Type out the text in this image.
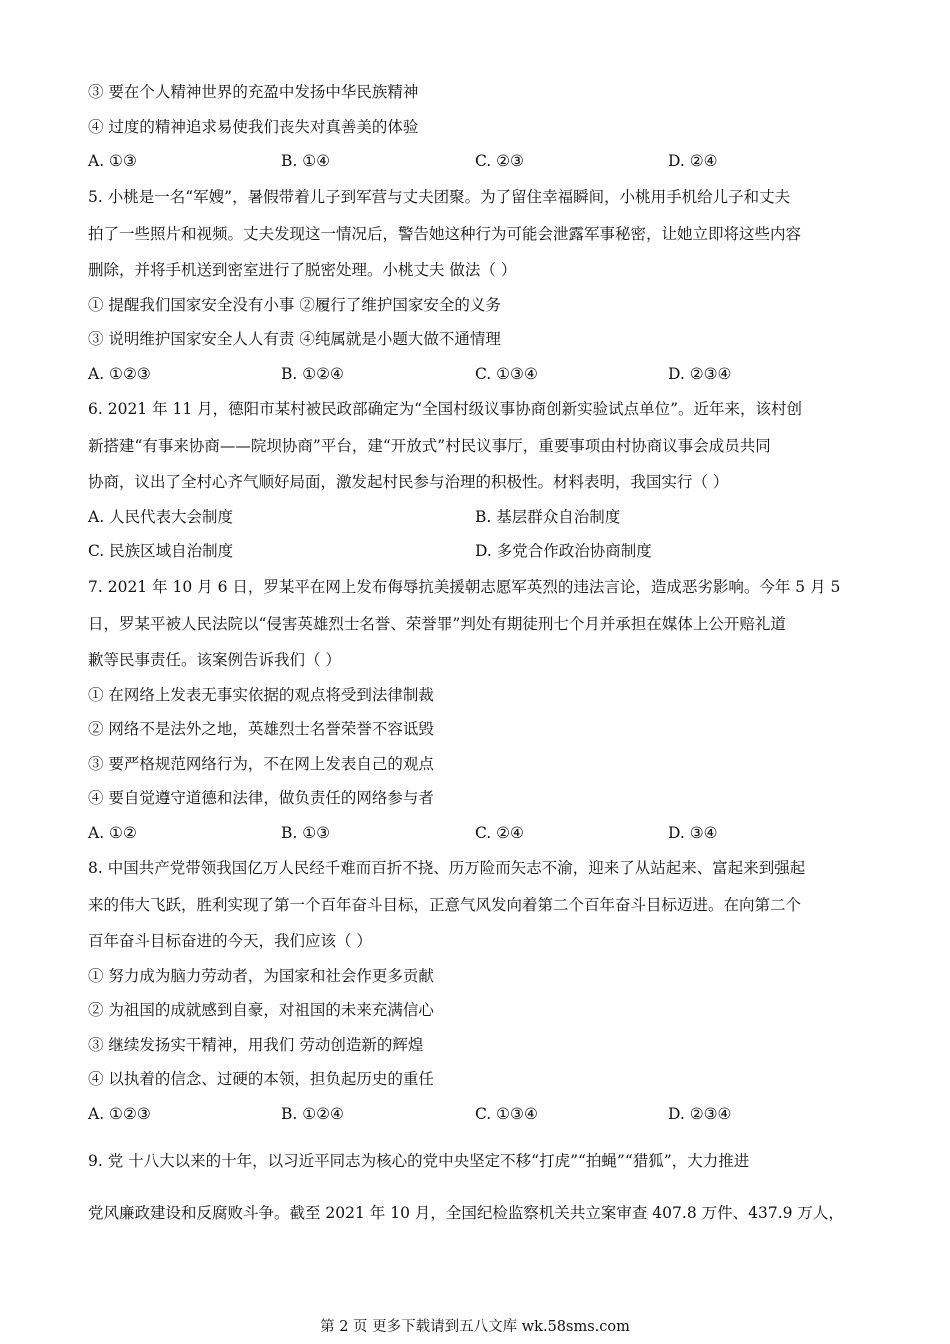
③ 要在个人精神世界的充盈中发扬中华民族精神
④ 过度的精神追求易使我们丧失对真善美的体验
A. ①③	B. ①④	C. ②③	D. ②④
5. 小桃是一名“军嫂”，暑假带着儿子到军营与丈夫团聚。为了留住幸福瞬间，小桃用手机给儿子和丈夫
拍了一些照片和视频。丈夫发现这一情况后，警告她这种行为可能会泄露军事秘密，让她立即将这些内容
删除，并将手机送到密室进行了脱密处理。小桃丈夫 做法（ ）
① 提醒我们国家安全没有小事 ②履行了维护国家安全的义务
③ 说明维护国家安全人人有责 ④纯属就是小题大做不通情理
A. ①②③	B. ①②④	C. ①③④	D. ②③④
6. 2021 年 11 月，德阳市某村被民政部确定为“全国村级议事协商创新实验试点单位”。近年来，该村创
新搭建“有事来协商——院坝协商”平台，建“开放式”村民议事厅，重要事项由村协商议事会成员共同
协商，议出了全村心齐气顺好局面，激发起村民参与治理的积极性。材料表明，我国实行（ ）
A. 人民代表大会制度	B. 基层群众自治制度
C. 民族区域自治制度	D. 多党合作政治协商制度
7. 2021 年 10 月 6 日，罗某平在网上发布侮辱抗美援朝志愿军英烈的违法言论，造成恶劣影响。今年 5 月 5
日，罗某平被人民法院以“侵害英雄烈士名誉、荣誉罪”判处有期徒刑七个月并承担在媒体上公开赔礼道
歉等民事责任。该案例告诉我们（ ）
① 在网络上发表无事实依据的观点将受到法律制裁
② 网络不是法外之地，英雄烈士名誉荣誉不容诋毁
③ 要严格规范网络行为，不在网上发表自己的观点
④ 要自觉遵守道德和法律，做负责任的网络参与者
A. ①②	B. ①③	C. ②④	D. ③④
8. 中国共产党带领我国亿万人民经千难而百折不挠、历万险而矢志不渝，迎来了从站起来、富起来到强起
来的伟大飞跃，胜利实现了第一个百年奋斗目标，正意气风发向着第二个百年奋斗目标迈进。在向第二个
百年奋斗目标奋进的今天，我们应该（ ）
① 努力成为脑力劳动者，为国家和社会作更多贡献
② 为祖国的成就感到自豪，对祖国的未来充满信心
③ 继续发扬实干精神，用我们 劳动创造新的辉煌
④ 以执着的信念、过硬的本领，担负起历史的重任
A. ①②③	B. ①②④	C. ①③④	D. ②③④
9. 党 十八大以来的十年，以习近平同志为核心的党中央坚定不移“打虎”“拍蝇”“猎狐”，大力推进
党风廉政建设和反腐败斗争。截至 2021 年 10 月，全国纪检监察机关共立案审查 407.8 万件、437.9 万人，
第 2 页 更多下载请到五八文库 wk.58sms.com
